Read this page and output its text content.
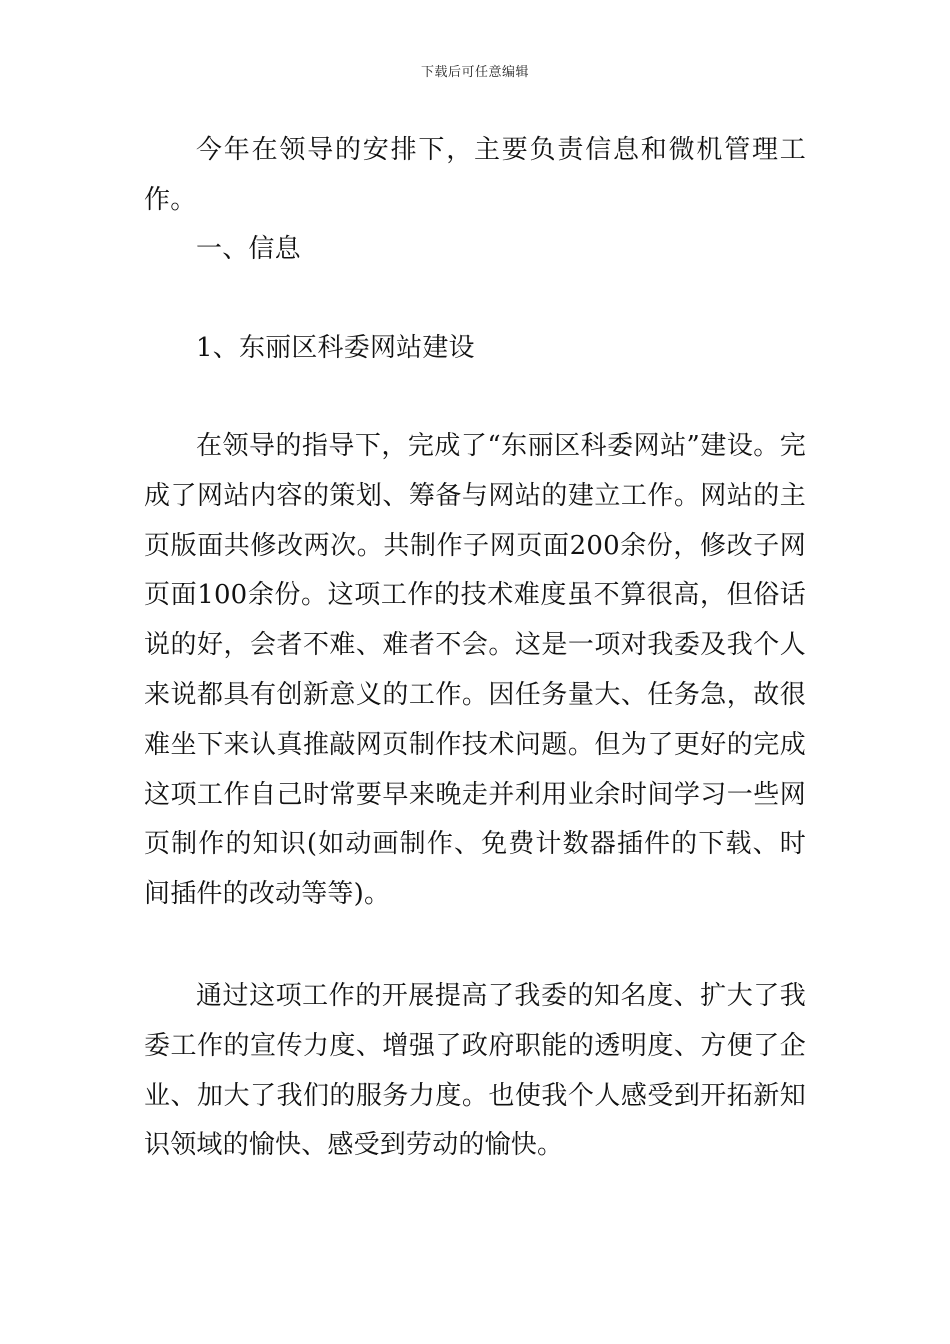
下载后可任意编辑

今年在领导的安排下，主要负责信息和微机管理工作。

一、信息

1、东丽区科委网站建设

在领导的指导下，完成了“东丽区科委网站”建设。完成了网站内容的策划、筹备与网站的建立工作。网站的主页版面共修改两次。共制作子网页面200余份，修改子网页面100余份。这项工作的技术难度虽不算很高，但俗话说的好，会者不难、难者不会。这是一项对我委及我个人来说都具有创新意义的工作。因任务量大、任务急，故很难坐下来认真推敲网页制作技术问题。但为了更好的完成这项工作自己时常要早来晚走并利用业余时间学习一些网页制作的知识(如动画制作、免费计数器插件的下载、时间插件的改动等等)。

通过这项工作的开展提高了我委的知名度、扩大了我委工作的宣传力度、增强了政府职能的透明度、方便了企业、加大了我们的服务力度。也使我个人感受到开拓新知识领域的愉快、感受到劳动的愉快。
